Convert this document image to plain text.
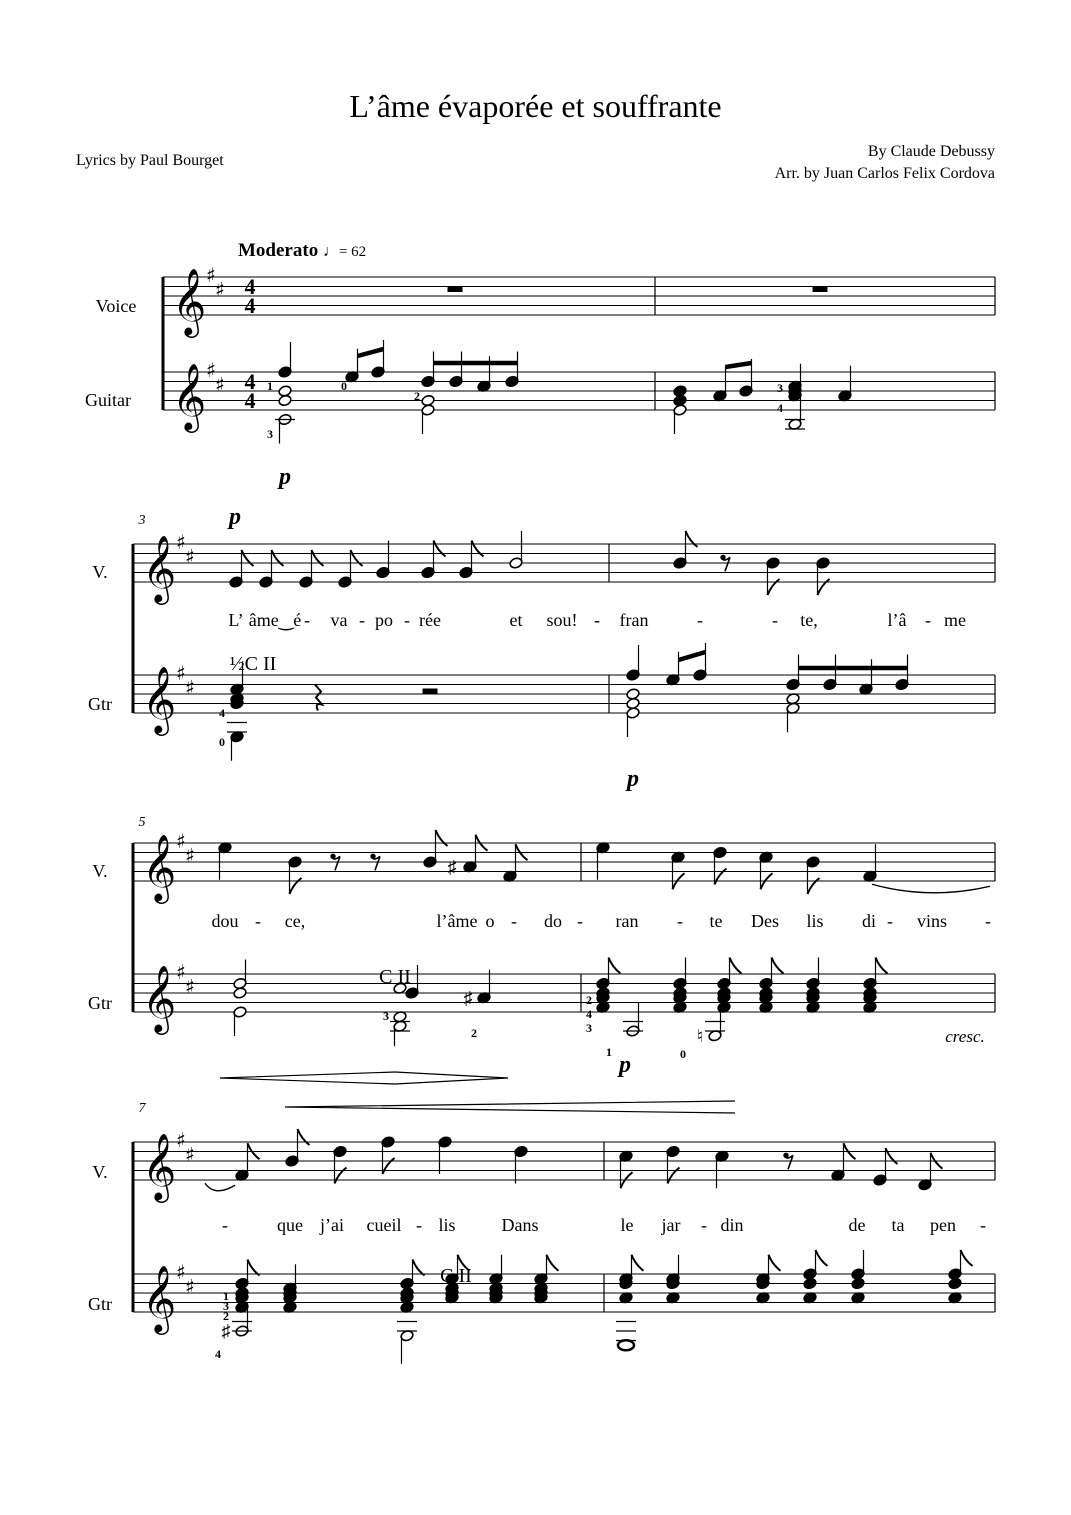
L’âme évaporée et souffrante
Lyrics by Paul Bourget
By Claude Debussy
Arr. by Juan Carlos Felix Cordova
Moderato ♩= 62
𝄞
𝄞
♯
♯
♯
♯
4
4
4
4
Voice
Guitar
1
3
0
2
p
3
4
𝄞
𝄞
♯
♯
♯
♯
V.
Gtr
3	p
L’ âme‿é - va - po - rée	et sou! - fran	-	- te,	l’â - me
½C II
4
0
p
𝄞
𝄞
♯
♯
♯
♯
V.
Gtr
5
♯
dou - ce,	l’âme o - do - ran - te Des lis di - vins -
C II
3
♯
2
2
4
3
1
♮
0
p
cresc.
𝄞
𝄞
♯
♯
♯
♯
V.
Gtr
7
-	que j’ai cueil - lis	Dans	le jar - din	de ta pen -
C II
1
3
2
♯
4
